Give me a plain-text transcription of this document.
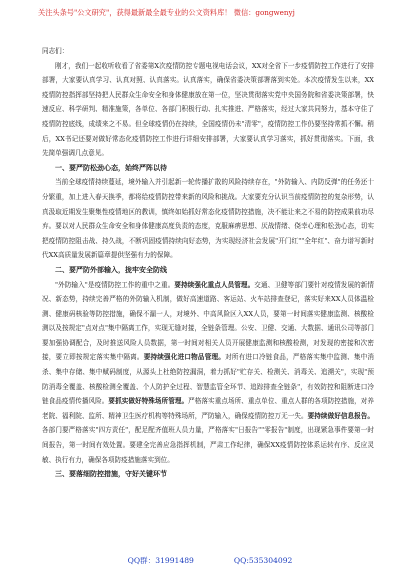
关注头条号"公文研究"，获得最新最全最专业的公文资料库！ 微信：gongwenyj

同志们：

刚才，我们一起收听收看了省委第X次疫情防控专题电视电话会议，XX对全省下一步疫情防控工作进行了安排部署，大家要认真学习、认真对照、认真落实。认真落实，确保省委决策部署落到实处。本次疫情发生以来，XX疫情防控指挥部坚持把人民群众生命安全和身体健康放在第一位，坚决贯彻落实党中央国务院和省委决策部署，快速反应、科学研判、精准施策，各单位、各部门积极行动、扎实推进、严格落实，经过大家共同努力，基本守住了疫情防控底线，成绩来之不易。但全球疫情仍在持续，全国疫情仍未"清零"，疫情防控工作仍要坚持常抓不懈。稍后，XX书记还要对做好常态化疫情防控工作进行详细安排部署，大家要认真学习落实，抓好贯彻落实。下面，我先简单强调几点意见。

一、要严防松劲心态，始终严阵以待

当前全球疫情持续蔓延，境外输入并引起新一轮传播扩散的风险持续存在，"外防输入、内防反弹"的任务还十分繁重，加上进入春天换季，都将给疫情防控带来新的风险和挑战。大家要充分认识当前疫情防控的复杂形势，认真汲取近期发生聚集性疫情地区的教训，慎终如始抓好常态化疫情防控措施，决不能让来之不易的防控成果前功尽弃。要以对人民群众生命安全和身体健康高度负责的态度，克服麻痹思想、厌战情绪、侥幸心理和松劲心态，切实把疫情防控阻击战、持久战，不断巩固疫情持续向好态势，为实现经济社会发展"开门红""全年红"、奋力谱写新时代XX高质量发展新篇章提供坚强有力的保障。

二、要严防外部输入，拢牢安全防线

"外防输入"是疫情防控工作的重中之重。要持续强化重点人员管理。交通、卫健等部门要针对疫情发展的新情况、新态势，持续完善严格的外防输入机制，做好高速道路、客运站、火车站排查登记，落实好来XX人员体温检测、健康码核验等防控措施，确保不漏一人，对境外、中高风险区入XX人员，要第一时间落实健康监测、核酸检测以及按规定"点对点"集中隔离工作，实现无缝对接，全链条管理。公安、卫健、交通、大数据、通讯公司等部门要加强协调配合，及时推送风险人员数据，第一时间对相关人员开展健康监测和核酸检测，对发现的密接和次密接，要立即按规定落实集中隔离。要持续强化进口物品管理。对所有进口冷链食品，严格落实集中监测、集中消杀、集中存储、集中赋码制度，从源头上杜绝防控漏洞，着力抓好"贮存关、检测关、消毒关、追溯关"，实现"预防消毒全覆盖、核酸检测全覆盖、个人防护全过程、智慧监管全环节、追踪排查全链条"，有效防控和阻断进口冷链食品疫情传播风险。要抓实做好特殊场所管理。严格落实重点场所、重点单位、重点人群的各项防控措施，对养老院、福利院、监所、精神卫生医疗机构等特殊场所，严防输入，确保疫情防控万无一失。要持续做好信息报告。各部门要严格落实"四方责任"，配足配齐值班人员力量，严格落实"日报告""零报告"制度，出现紧急事件要第一时间报告，第一时间有效处置。要建全完善应急指挥机制，严肃工作纪律，确保XX疫情防控体系运转有序、反应灵敏、执行有力，确保各项防疫措施落实到位。

三、要落细防控措施，守好关键环节

QQ群：31991489	QQ:535304092
